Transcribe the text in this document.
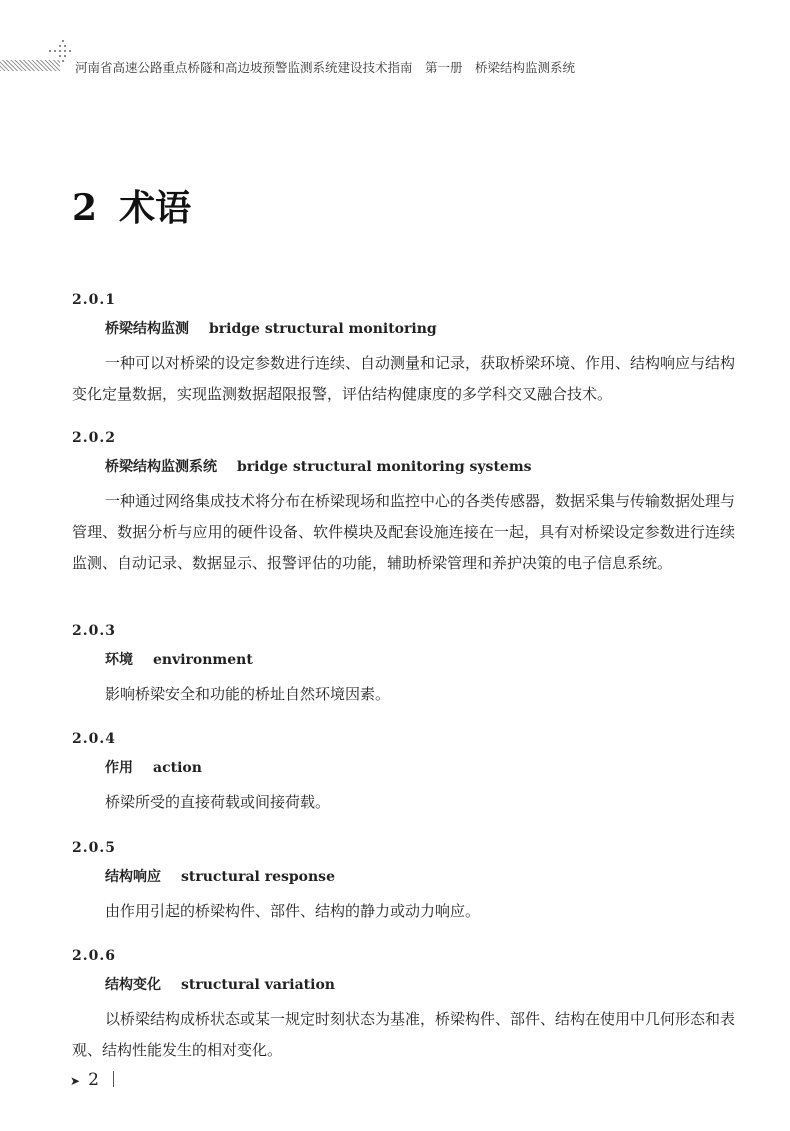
河南省高速公路重点桥隧和高边坡预警监测系统建设技术指南　第一册　桥梁结构监测系统
2 术语
2.0.1
桥梁结构监测 bridge structural monitoring
一种可以对桥梁的设定参数进行连续、自动测量和记录，获取桥梁环境、作用、结构响应与结构变化定量数据，实现监测数据超限报警，评估结构健康度的多学科交叉融合技术。
2.0.2
桥梁结构监测系统 bridge structural monitoring systems
一种通过网络集成技术将分布在桥梁现场和监控中心的各类传感器，数据采集与传输数据处理与管理、数据分析与应用的硬件设备、软件模块及配套设施连接在一起，具有对桥梁设定参数进行连续监测、自动记录、数据显示、报警评估的功能，辅助桥梁管理和养护决策的电子信息系统。
2.0.3
环境 environment
影响桥梁安全和功能的桥址自然环境因素。
2.0.4
作用 action
桥梁所受的直接荷载或间接荷载。
2.0.5
结构响应 structural response
由作用引起的桥梁构件、部件、结构的静力或动力响应。
2.0.6
结构变化 structural variation
以桥梁结构成桥状态或某一规定时刻状态为基准，桥梁构件、部件、结构在使用中几何形态和表观、结构性能发生的相对变化。
➤ 2
